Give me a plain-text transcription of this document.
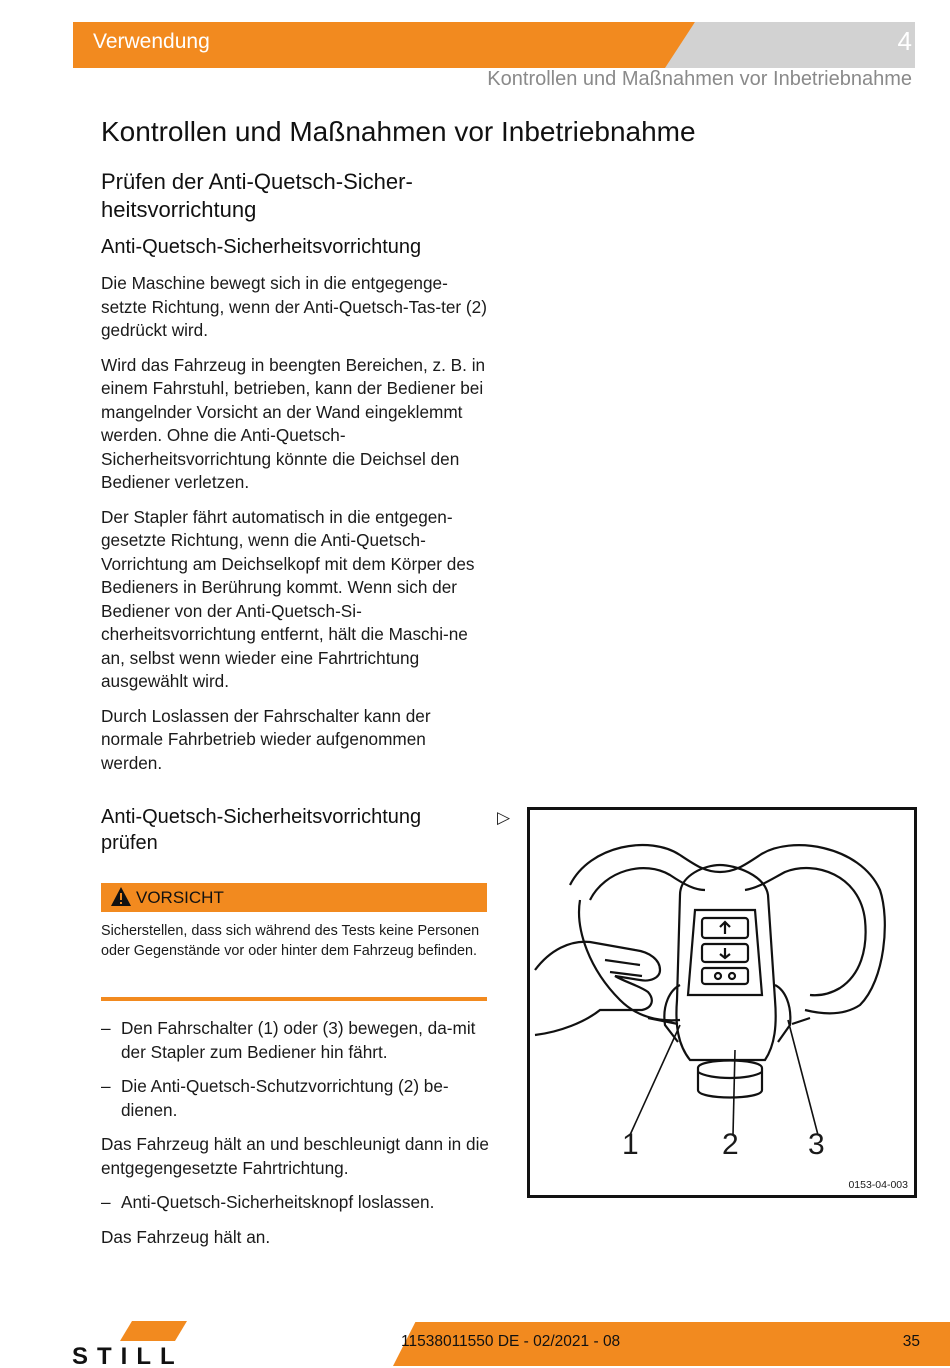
Verwendung	4
Kontrollen und Maßnahmen vor Inbetriebnahme
Kontrollen und Maßnahmen vor Inbetriebnahme
Prüfen der Anti-Quetsch-Sicher-heitsvorrichtung
Anti-Quetsch-Sicherheitsvorrichtung

Die Maschine bewegt sich in die entgegenge-setzte Richtung, wenn der Anti-Quetsch-Tas-ter (2) gedrückt wird.

Wird das Fahrzeug in beengten Bereichen, z. B. in einem Fahrstuhl, betrieben, kann der Bediener bei mangelnder Vorsicht an der Wand eingeklemmt werden. Ohne die Anti-Quetsch-Sicherheitsvorrichtung könnte die Deichsel den Bediener verletzen.

Der Stapler fährt automatisch in die entgegen-gesetzte Richtung, wenn die Anti-Quetsch-Vorrichtung am Deichselkopf mit dem Körper des Bedieners in Berührung kommt. Wenn sich der Bediener von der Anti-Quetsch-Si-cherheitsvorrichtung entfernt, hält die Maschi-ne an, selbst wenn wieder eine Fahrtrichtung ausgewählt wird.

Durch Loslassen der Fahrschalter kann der normale Fahrbetrieb wieder aufgenommen werden.

Anti-Quetsch-Sicherheitsvorrichtung prüfen
▷
VORSICHT
Sicherstellen, dass sich während des Tests keine Personen oder Gegenstände vor oder hinter dem Fahrzeug befinden.
– Den Fahrschalter (1) oder (3) bewegen, da-mit der Stapler zum Bediener hin fährt.
– Die Anti-Quetsch-Schutzvorrichtung (2) be-dienen.

Das Fahrzeug hält an und beschleunigt dann in die entgegengesetzte Fahrtrichtung.

– Anti-Quetsch-Sicherheitsknopf loslassen.

Das Fahrzeug hält an.

1	2 3
0153-04-003
STILL
11538011550 DE - 02/2021 - 08	35
